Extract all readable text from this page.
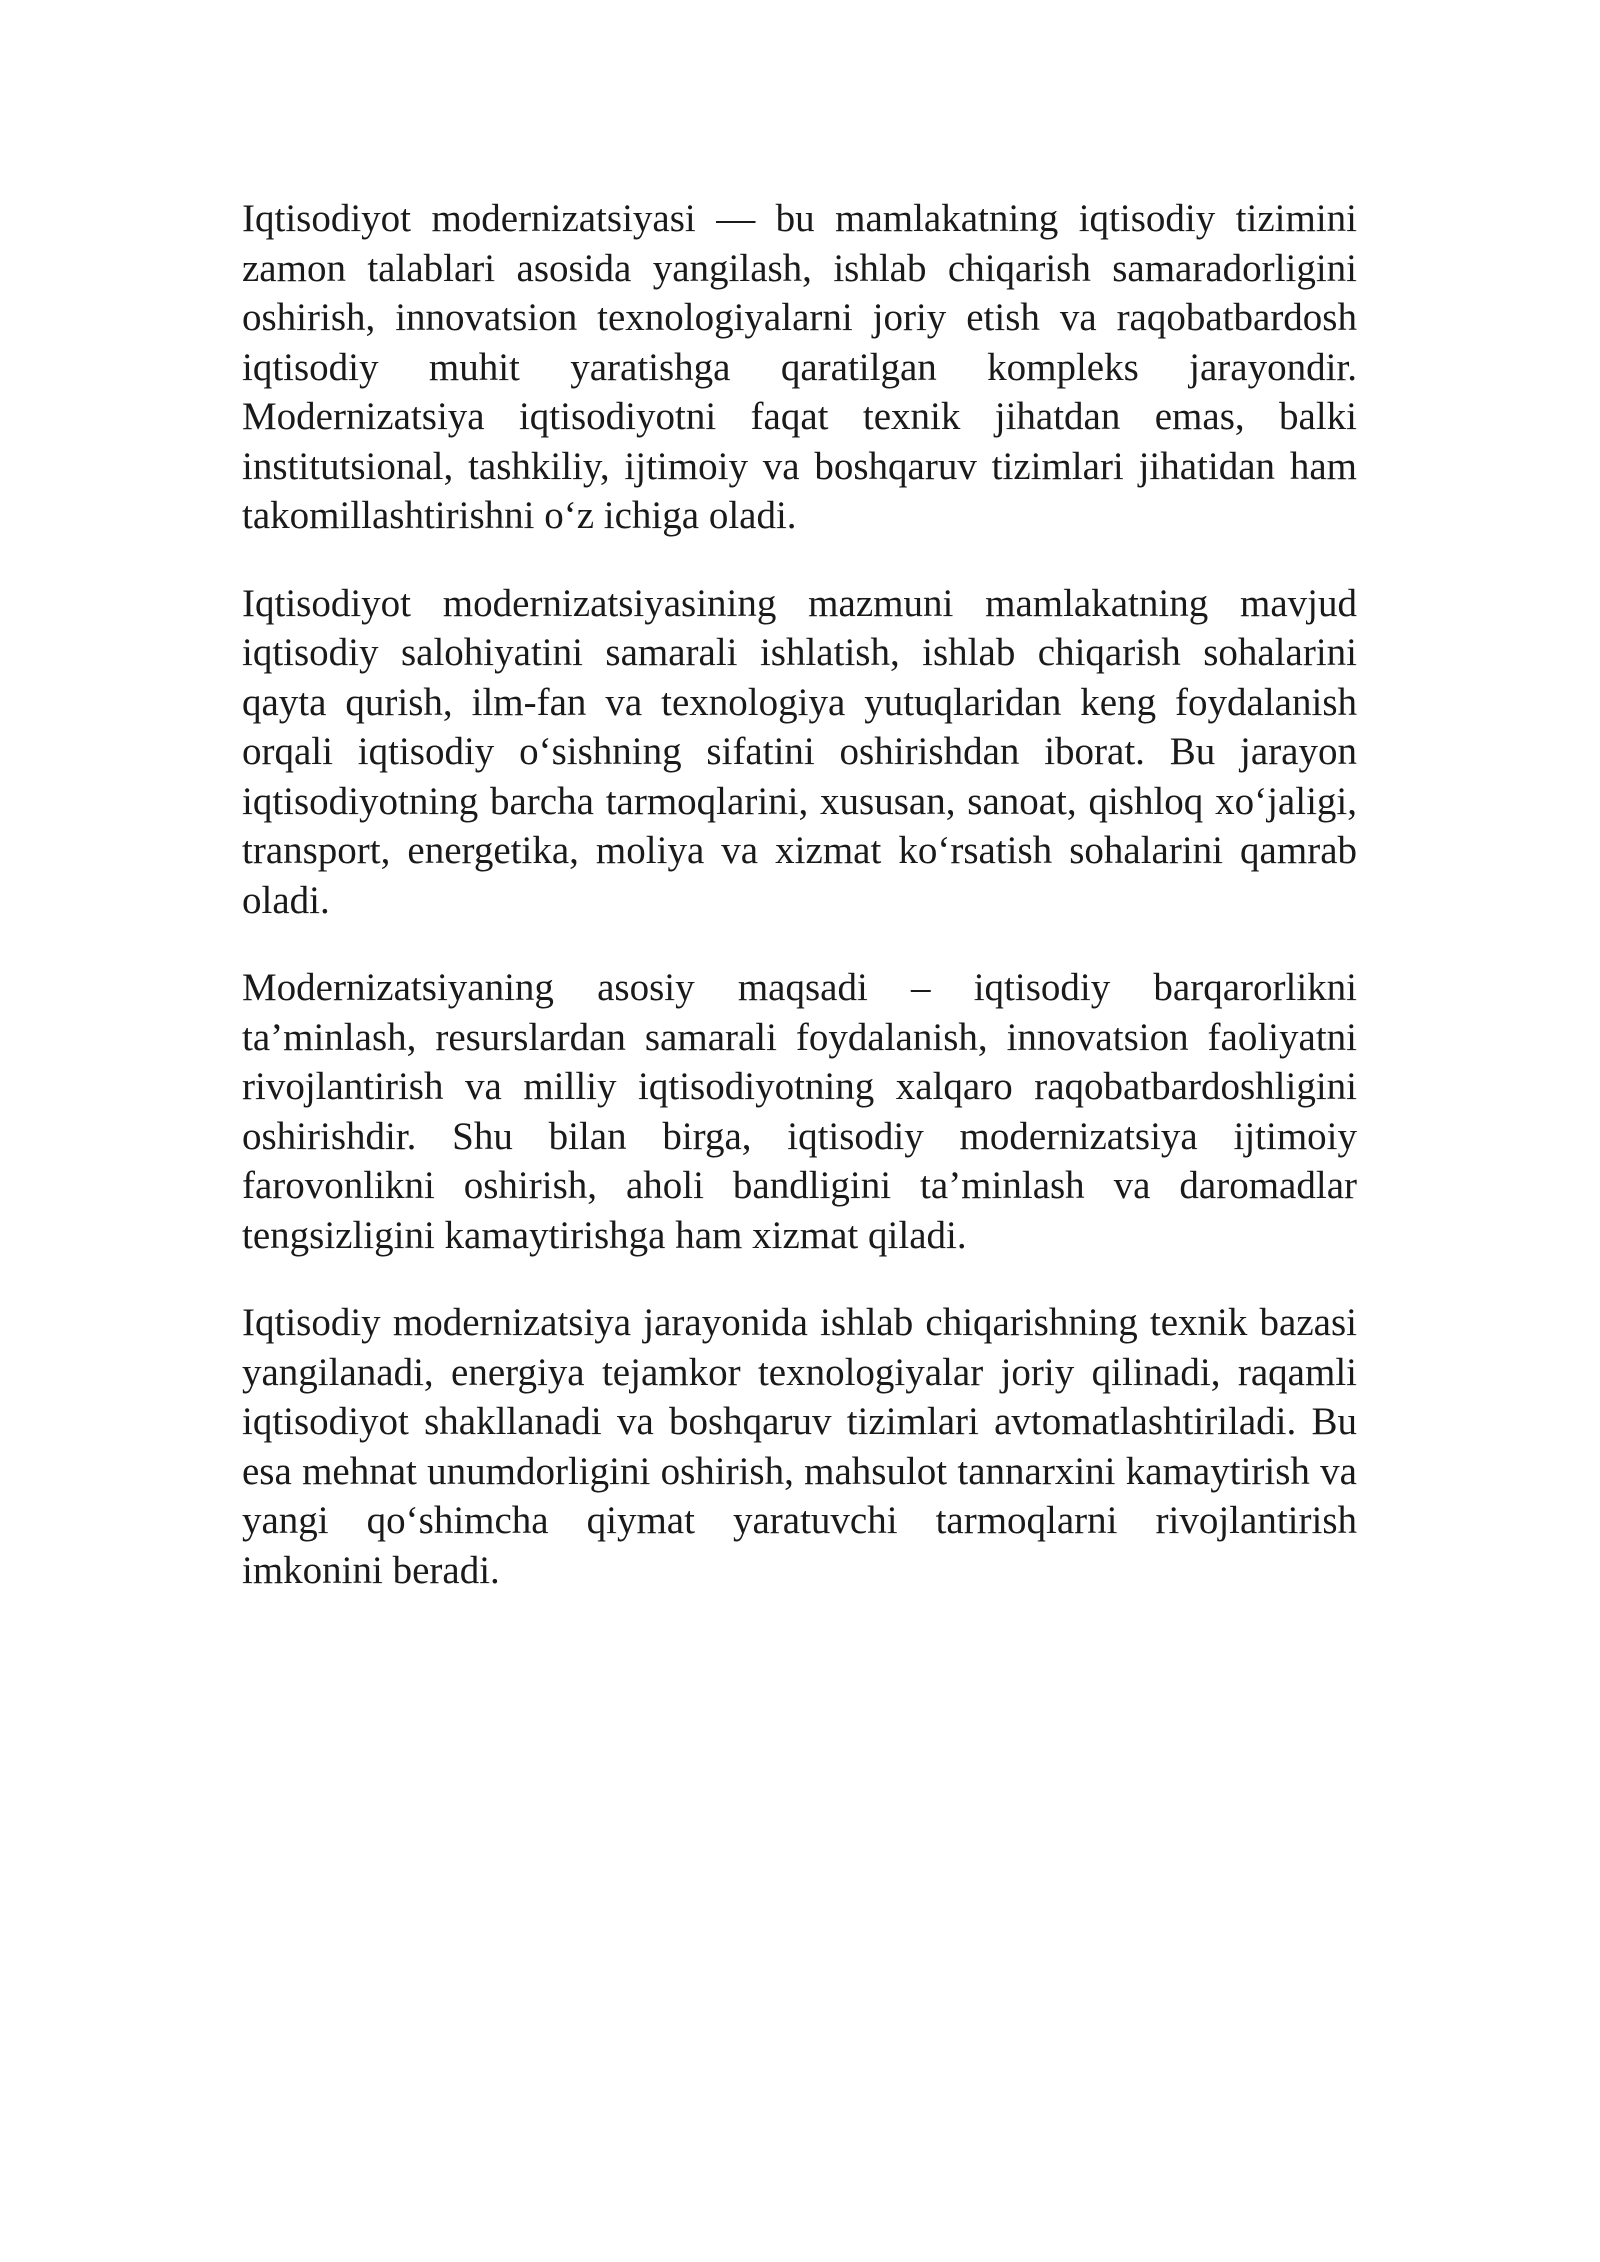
Iqtisodiyot modernizatsiyasi — bu mamlakatning iqtisodiy tizimini zamon talablari asosida yangilash, ishlab chiqarish samaradorligini oshirish, innovatsion texnologiyalarni joriy etish va raqobatbardosh iqtisodiy muhit yaratishga qaratilgan kompleks jarayondir. Modernizatsiya iqtisodiyotni faqat texnik jihatdan emas, balki institutsional, tashkiliy, ijtimoiy va boshqaruv tizimlari jihatidan ham takomillashtirishni oʻz ichiga oladi.

Iqtisodiyot modernizatsiyasining mazmuni mamlakatning mavjud iqtisodiy salohiyatini samarali ishlatish, ishlab chiqarish sohalarini qayta qurish, ilm-fan va texnologiya yutuqlaridan keng foydalanish orqali iqtisodiy oʻsishning sifatini oshirishdan iborat. Bu jarayon iqtisodiyotning barcha tarmoqlarini, xususan, sanoat, qishloq xoʻjaligi, transport, energetika, moliya va xizmat koʻrsatish sohalarini qamrab oladi.

Modernizatsiyaning asosiy maqsadi – iqtisodiy barqarorlikni ta’minlash, resurslardan samarali foydalanish, innovatsion faoliyatni rivojlantirish va milliy iqtisodiyotning xalqaro raqobatbardoshligini oshirishdir. Shu bilan birga, iqtisodiy modernizatsiya ijtimoiy farovonlikni oshirish, aholi bandligini ta’minlash va daromadlar tengsizligini kamaytirishga ham xizmat qiladi.

Iqtisodiy modernizatsiya jarayonida ishlab chiqarishning texnik bazasi yangilanadi, energiya tejamkor texnologiyalar joriy qilinadi, raqamli iqtisodiyot shakllanadi va boshqaruv tizimlari avtomatlashtiriladi. Bu esa mehnat unumdorligini oshirish, mahsulot tannarxini kamaytirish va yangi qoʻshimcha qiymat yaratuvchi tarmoqlarni rivojlantirish imkonini beradi.
